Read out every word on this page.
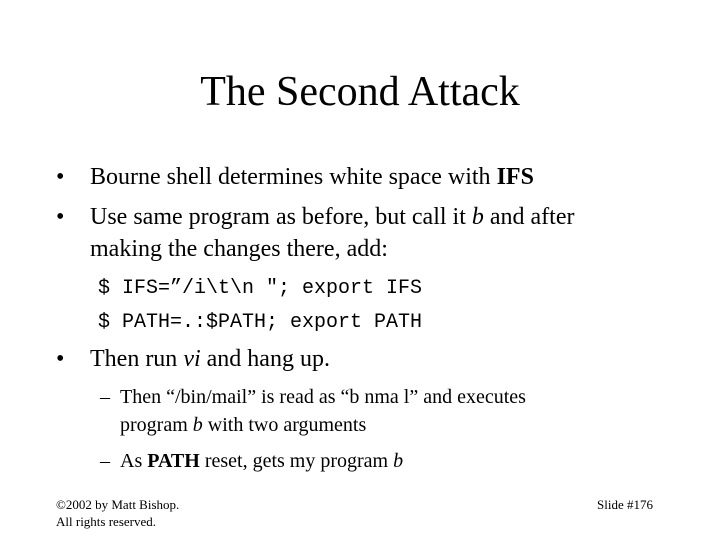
The Second Attack
• Bourne shell determines white space with IFS
• Use same program as before, but call it b and after
making the changes there, add:
$ IFS=”/i\t\n "; export IFS
$ PATH=.:$PATH; export PATH
• Then run vi and hang up.
– Then “/bin/mail” is read as “b nma l” and executes
program b with two arguments
– As PATH reset, gets my program b
©2002 by Matt Bishop.
All rights reserved.
Slide #176
